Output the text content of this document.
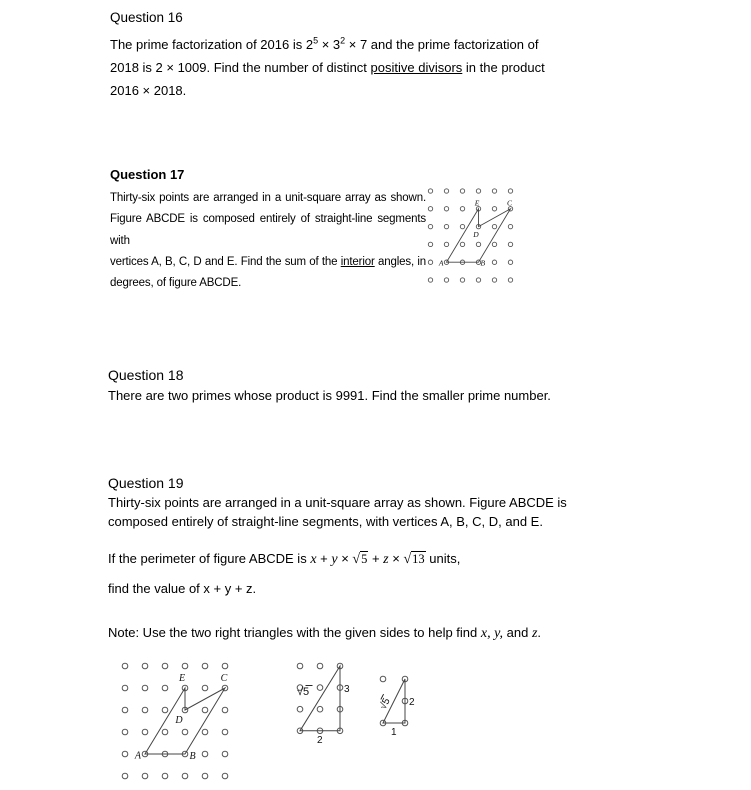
Question 16
The prime factorization of 2016 is $2^5 \times 3^2 \times 7$ and the prime factorization of
2018 is 2 × 1009. Find the number of distinct positive divisors in the product
2016 × 2018.
Question 17
Thirty-six points are arranged in a unit-square array as shown.
Figure ABCDE is composed entirely of straight-line segments with
vertices A, B, C, D and E. Find the sum of the interior angles, in
degrees, of figure ABCDE.
E	C
D
A	B
Question 18
There are two primes whose product is 9991. Find the smaller prime number.
Question 19
Thirty-six points are arranged in a unit-square array as shown. Figure ABCDE is
composed entirely of straight-line segments, with vertices A, B, C, D, and E.
If the perimeter of figure ABCDE is x + y × √5 + z × √13 units,
find the value of x + y + z.
Note: Use the two right triangles with the given sides to help find x, y, and z.
E	C
D
A	B
√5	3
2
√5 2
1
